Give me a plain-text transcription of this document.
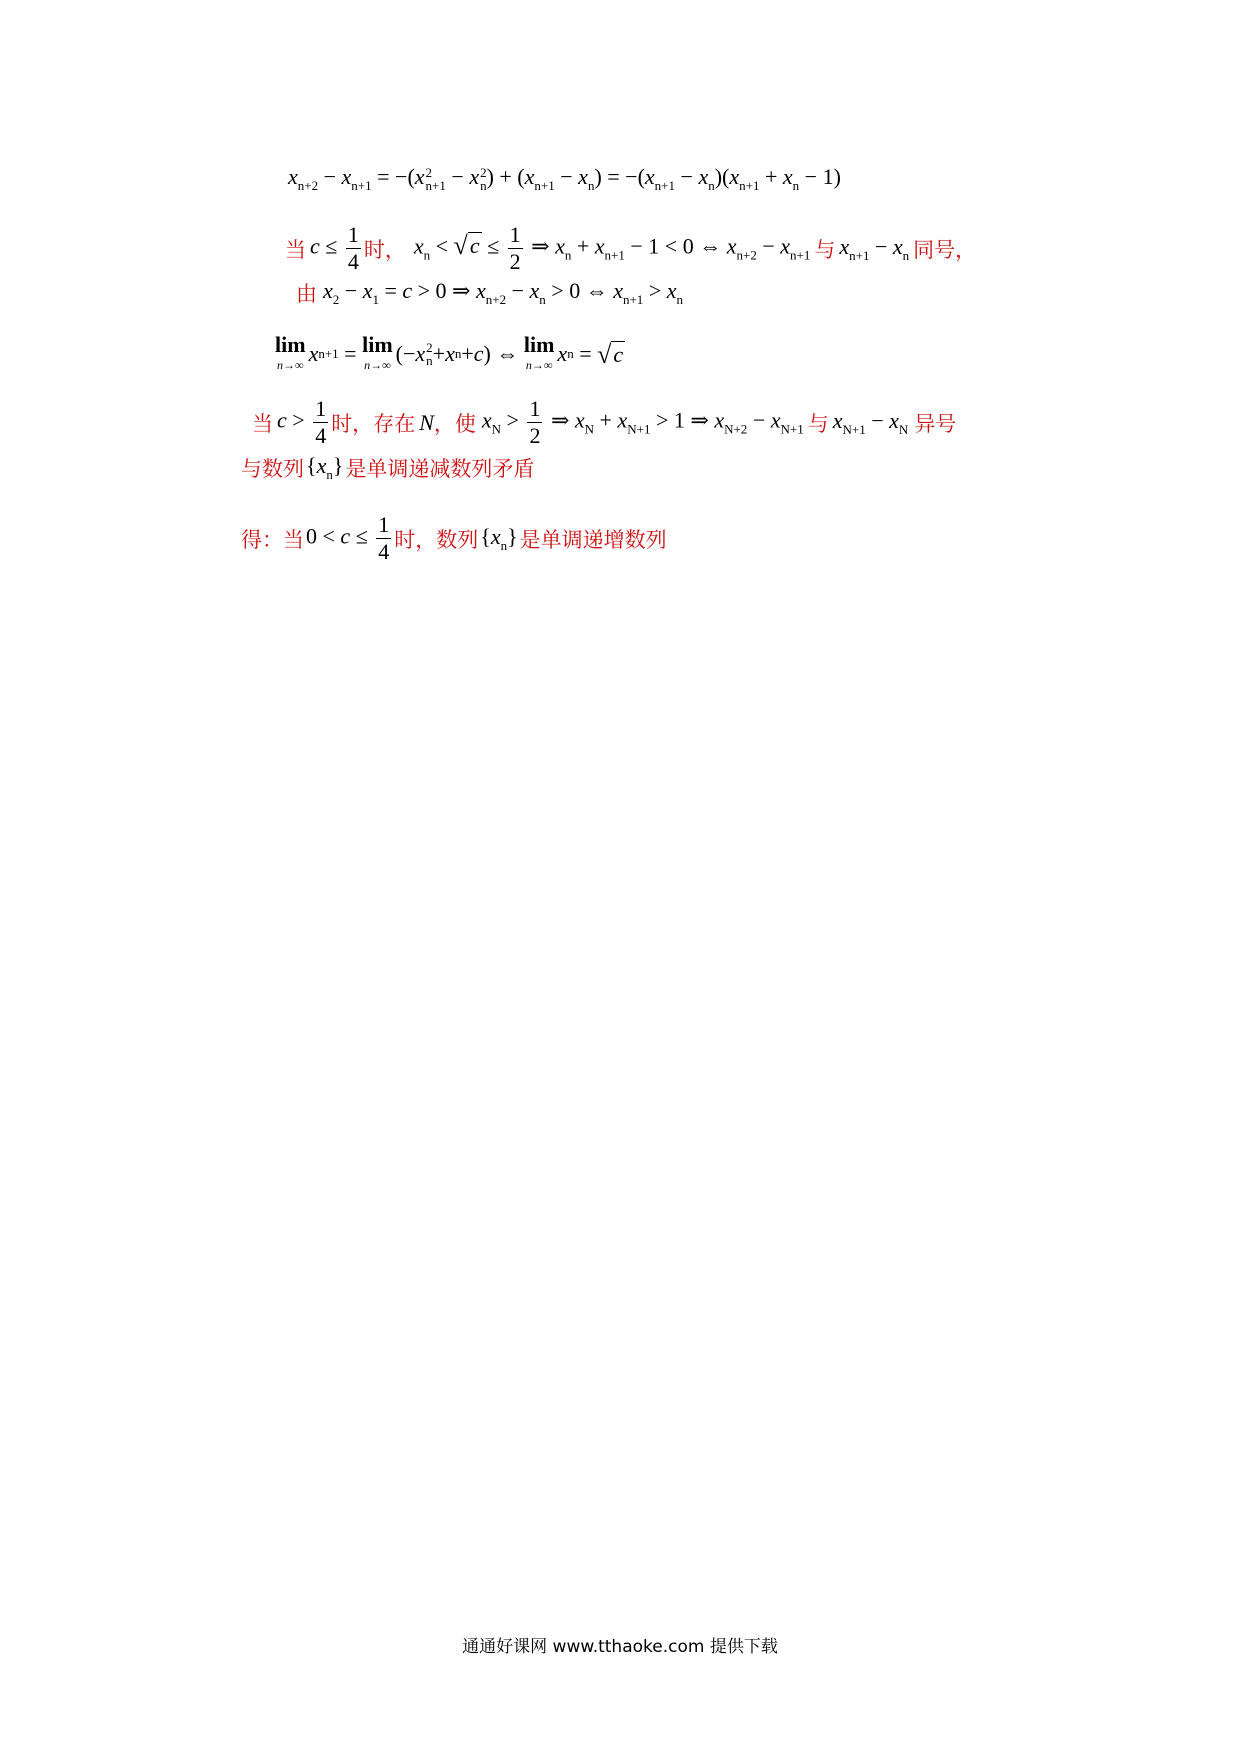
$x_{n+2} - x_{n+1} = -(x$ 2
n+1 − x 2
n ) + $(x_{n+1} - x_n) = -(x_{n+1} - x_n)(x_{n+1} + x_n - 1)$
当 $c \le \frac{1}{4}$ 时， $x_n$ < √ $c \le \frac{1}{2}$ ⇒ $x_n + x_{n+1} - 1 < 0$ ⇔ $x_{n+2} - x_{n+1}$ 与 $x_{n+1} - x_n$ 同号，
由 $x_2 - x_1 = c > 0$ ⇒ $x_{n+2} - x_n > 0$ ⇔ $x_{n+1} > x_n$
lim
n→∞ x n+1 = lim
n→∞ (− x 2
n + x n + c ) ⇔ lim
n→∞ x n = √ c
当 $c > \frac{1}{4}$ 时，存在 N ，使 $x_N > \frac{1}{2}$ ⇒ $x_N + x_{N+1} > 1$ ⇒ $x_{N+2} - x_{N+1}$ 与 $x_{N+1} - x_N$ 异号
与数列 $\{x_n\}$ 是单调递减数列矛盾
得：当 $0 < c \le \frac{1}{4}$ 时，数列 $\{x_n\}$ 是单调递增数列
通通好课网 www.tthaoke.com 提供下载
